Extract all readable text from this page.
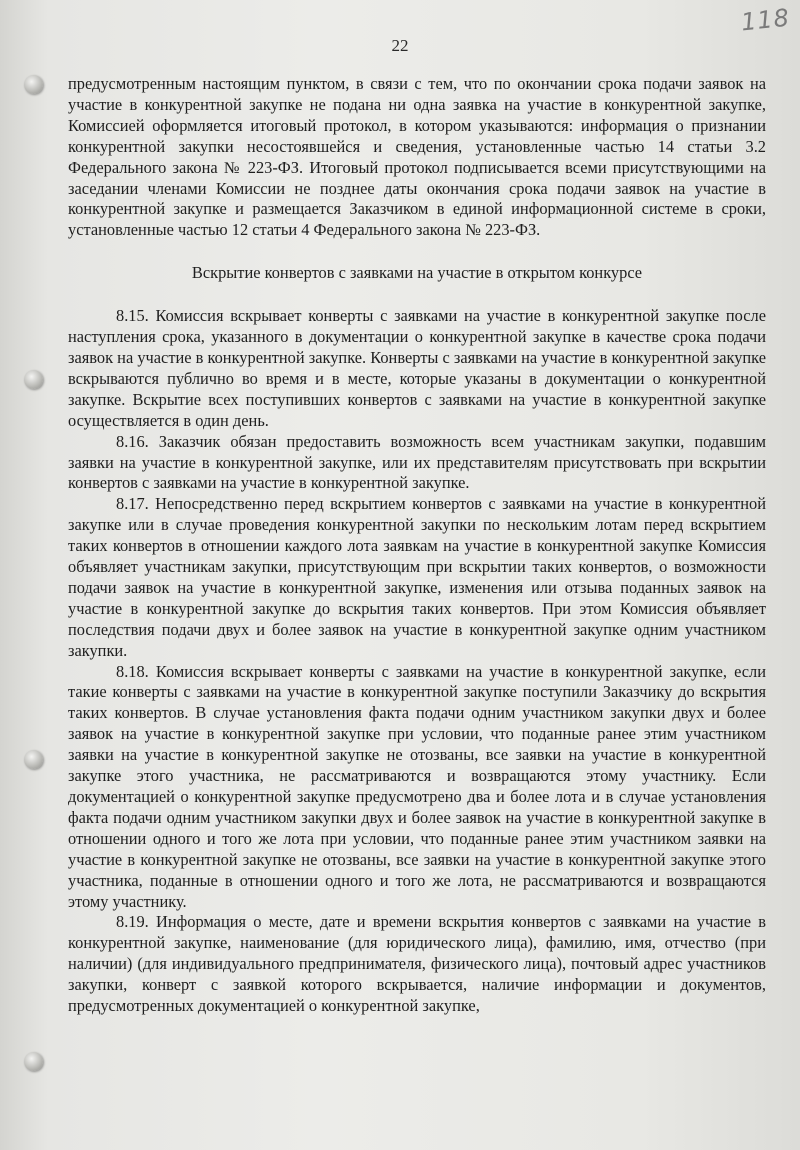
118
22

предусмотренным настоящим пунктом, в связи с тем, что по окончании срока подачи заявок на участие в конкурентной закупке не подана ни одна заявка на участие в конкурентной закупке, Комиссией оформляется итоговый протокол, в котором указываются: информация о признании конкурентной закупки несостоявшейся и сведения, установленные частью 14 статьи 3.2 Федерального закона № 223-ФЗ. Итоговый протокол подписывается всеми присутствующими на заседании членами Комиссии не позднее даты окончания срока подачи заявок на участие в конкурентной закупке и размещается Заказчиком в единой информационной системе в сроки, установленные частью 12 статьи 4 Федерального закона № 223-ФЗ.

Вскрытие конвертов с заявками на участие в открытом конкурсе

8.15. Комиссия вскрывает конверты с заявками на участие в конкурентной закупке после наступления срока, указанного в документации о конкурентной закупке в качестве срока подачи заявок на участие в конкурентной закупке. Конверты с заявками на участие в конкурентной закупке вскрываются публично во время и в месте, которые указаны в документации о конкурентной закупке. Вскрытие всех поступивших конвертов с заявками на участие в конкурентной закупке осуществляется в один день.

8.16. Заказчик обязан предоставить возможность всем участникам закупки, подавшим заявки на участие в конкурентной закупке, или их представителям присутствовать при вскрытии конвертов с заявками на участие в конкурентной закупке.

8.17. Непосредственно перед вскрытием конвертов с заявками на участие в конкурентной закупке или в случае проведения конкурентной закупки по нескольким лотам перед вскрытием таких конвертов в отношении каждого лота заявкам на участие в конкурентной закупке Комиссия объявляет участникам закупки, присутствующим при вскрытии таких конвертов, о возможности подачи заявок на участие в конкурентной закупке, изменения или отзыва поданных заявок на участие в конкурентной закупке до вскрытия таких конвертов. При этом Комиссия объявляет последствия подачи двух и более заявок на участие в конкурентной закупке одним участником закупки.

8.18. Комиссия вскрывает конверты с заявками на участие в конкурентной закупке, если такие конверты с заявками на участие в конкурентной закупке поступили Заказчику до вскрытия таких конвертов. В случае установления факта подачи одним участником закупки двух и более заявок на участие в конкурентной закупке при условии, что поданные ранее этим участником заявки на участие в конкурентной закупке не отозваны, все заявки на участие в конкурентной закупке этого участника, не рассматриваются и возвращаются этому участнику. Если документацией о конкурентной закупке предусмотрено два и более лота и в случае установления факта подачи одним участником закупки двух и более заявок на участие в конкурентной закупке в отношении одного и того же лота при условии, что поданные ранее этим участником заявки на участие в конкурентной закупке не отозваны, все заявки на участие в конкурентной закупке этого участника, поданные в отношении одного и того же лота, не рассматриваются и возвращаются этому участнику.

8.19. Информация о месте, дате и времени вскрытия конвертов с заявками на участие в конкурентной закупке, наименование (для юридического лица), фамилию, имя, отчество (при наличии) (для индивидуального предпринимателя, физического лица), почтовый адрес участников закупки, конверт с заявкой которого вскрывается, наличие информации и документов, предусмотренных документацией о конкурентной закупке,
